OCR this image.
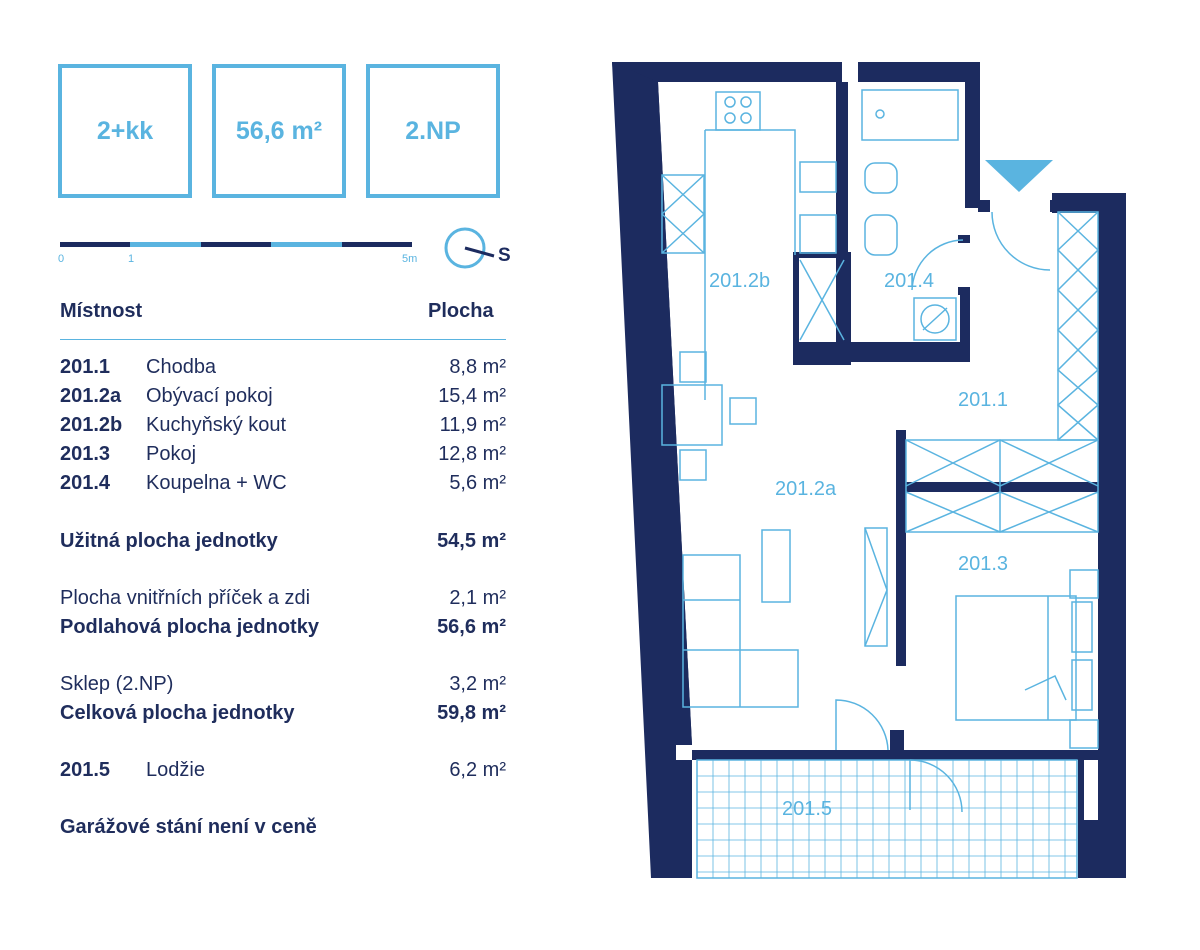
2+kk	56,6 m²	2.NP
0	1	5m	S
Místnost	Plocha
201.1 Chodba	8,8 m²
201.2a Obývací pokoj	15,4 m²
201.2b Kuchyňský kout	11,9 m²
201.3 Pokoj	12,8 m²
201.4 Koupelna + WC	5,6 m²
Užitná plocha jednotky	54,5 m²
Plocha vnitřních příček a zdi	2,1 m²
Podlahová plocha jednotky	56,6 m²
Sklep (2.NP)	3,2 m²
Celková plocha jednotky	59,8 m²
201.5 Lodžie	6,2 m²
Garážové stání není v ceně
201.2b	201.4
201.1
201.2a
201.3
201.5
